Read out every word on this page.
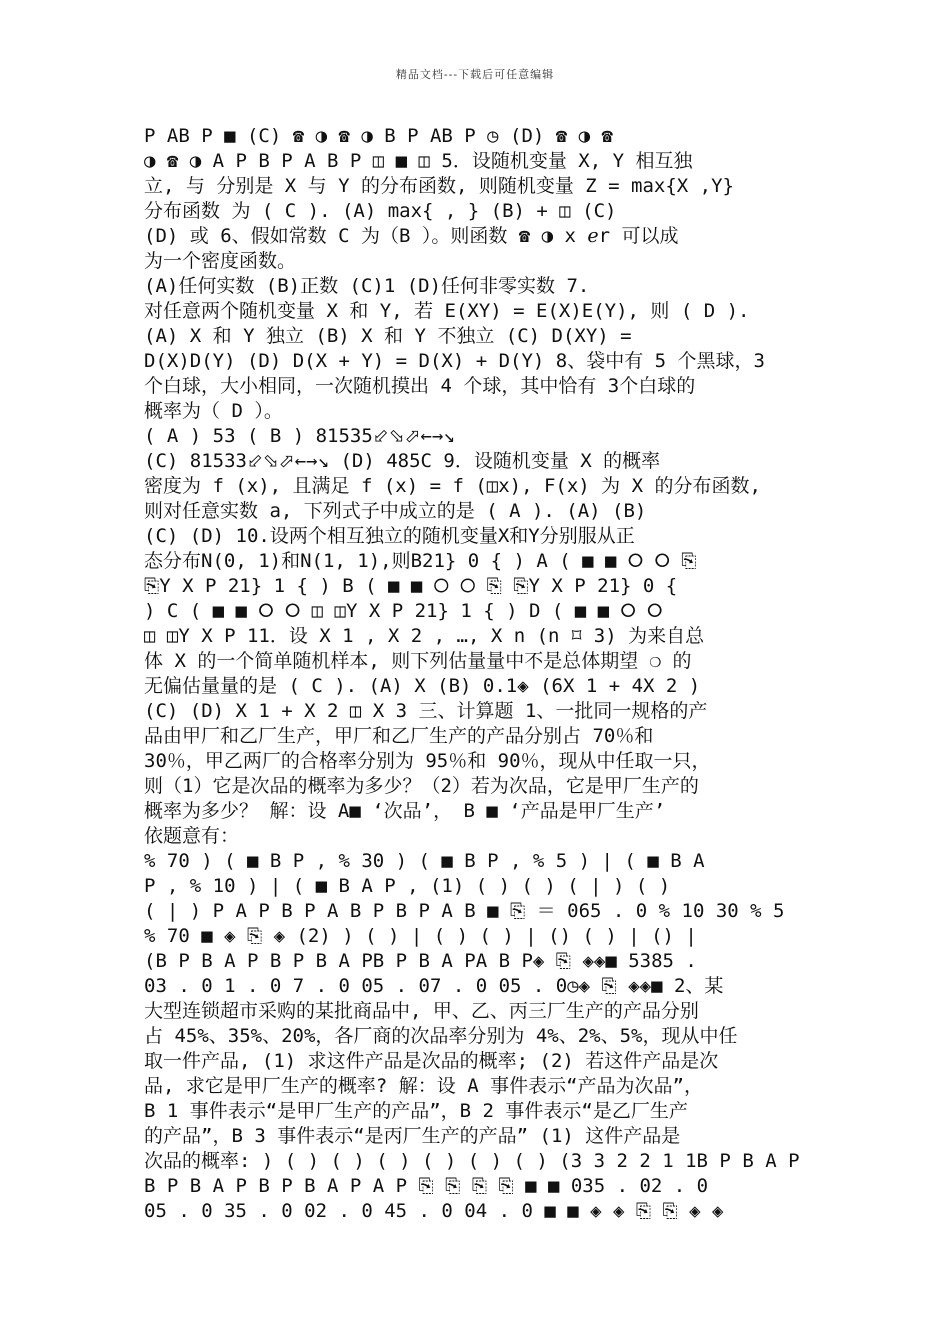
精品文档---下载后可任意编辑

P AB P ■ (C) ☎ ◑ ☎ ◑ B P AB P ◷ (D) ☎ ◑ ☎

◑ ☎ ◑ A P B P A B P ◫ ■ ◫ 5．设随机变量 X, Y 相互独

立, 与 分别是 X 与 Y 的分布函数, 则随机变量 Z = max{X ,Y}

分布函数 为 ( C ). (A) max{ , } (B) + ◫ (C)

(D) 或 6、假如常数 C 为（B ）。则函数 ☎ ◑ x ℯr 可以成

为一个密度函数。

(A)任何实数 (B)正数 (C)1 (D)任何非零实数 7.

对任意两个随机变量 X 和 Y, 若 E(XY) = E(X)E(Y), 则 ( D ).

(A) X 和 Y 独立 (B) X 和 Y 不独立 (C) D(XY) =

D(X)D(Y) (D) D(X + Y) = D(X) + D(Y) 8、袋中有 5 个黑球，3

个白球，大小相同，一次随机摸出 4 个球，其中恰有 3个白球的

概率为（ D ）。

( A ) 53 ( B ) 81535⬃⬂⬀←→↘

(C) 81533⬃⬂⬀←→↘ (D) 485C 9．设随机变量 X 的概率

密度为 f (x), 且满足 f (x) = f (◫x), F(x) 为 X 的分布函数,

则对任意实数 a, 下列式子中成立的是 ( A ). (A) (B)

(C) (D) 10.设两个相互独立的随机变量X和Y分别服从正

态分布N(0, 1)和N(1, 1),则B21} 0 { ) A ( ■ ■ ⭘ ⭘ ⎘

⎘Y X P 21} 1 { ) B ( ■ ■ ⭘ ⭘ ⎘ ⎘Y X P 21} 0 {

) C ( ■ ■ ⭘ ⭘ ◫ ◫Y X P 21} 1 { ) D ( ■ ■ ⭘ ⭘

◫ ◫Y X P 11．设 X 1 , X 2 , …, X n (n ⌑ 3) 为来自总

体 X 的一个简单随机样本, 则下列估量量中不是总体期望 ❍ 的

无偏估量量的是 ( C ). (A) X (B) 0.1◈ (6X 1 + 4X 2 )

(C) (D) X 1 + X 2 ◫ X 3 三、计算题 1、一批同一规格的产

品由甲厂和乙厂生产，甲厂和乙厂生产的产品分别占 70％和

30％，甲乙两厂的合格率分别为 95％和 90％，现从中任取一只，

则（1）它是次品的概率为多少？（2）若为次品，它是甲厂生产的

概率为多少？ 解：设 A■ ‘次品’， B ■ ‘产品是甲厂生产’

依题意有：

% 70 ) ( ■ B P , % 30 ) ( ■ B P , % 5 ) | ( ■ B A

P , % 10 ) | ( ■ B A P , (1) ( ) ( ) ( | ) ( )

( | ) P A P B P A B P B P A B ■ ⎘ ＝ 065 . 0 % 10 30 % 5

% 70 ■ ◈ ⎘ ◈ (2) ) ( ) | ( ) ( ) | () ( ) | () |

(B P B A P B P B A PB P B A PA B P◈ ⎘ ◈◈■ 5385 .

03 . 0 1 . 0 7 . 0 05 . 07 . 0 05 . 0◷◈ ⎘ ◈◈■ 2、某

大型连锁超市采购的某批商品中, 甲、乙、丙三厂生产的产品分别

占 45%、35%、20%，各厂商的次品率分别为 4%、2%、5%，现从中任

取一件产品, (1) 求这件产品是次品的概率; (2) 若这件产品是次

品, 求它是甲厂生产的概率? 解：设 A 事件表示“产品为次品”，

B 1 事件表示“是甲厂生产的产品”，B 2 事件表示“是乙厂生产

的产品”，B 3 事件表示“是丙厂生产的产品” (1) 这件产品是

次品的概率: ) ( ) ( ) ( ) ( ) ( ) ( ) (3 3 2 2 1 1B P B A P

B P B A P B P B A P A P ⎘ ⎘ ⎘ ⎘ ■ ■ 035 . 02 . 0

05 . 0 35 . 0 02 . 0 45 . 0 04 . 0 ■ ■ ◈ ◈ ⎘ ⎘ ◈ ◈
